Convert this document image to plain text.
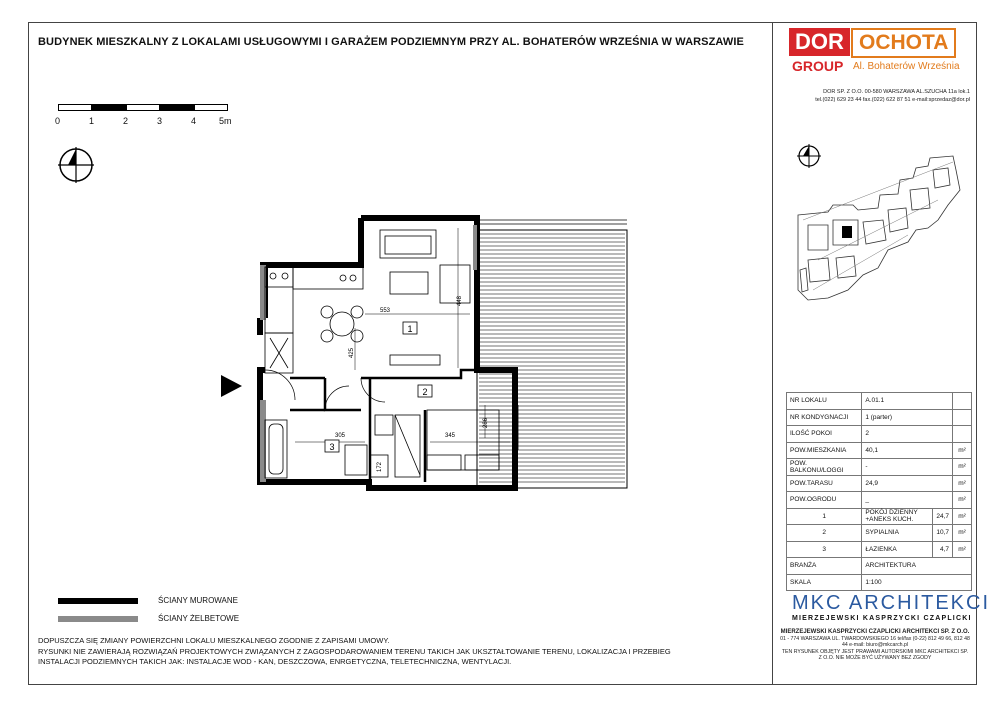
BUDYNEK MIESZKALNY Z LOKALAMI USŁUGOWYMI I GARAŻEM PODZIEMNYM PRZY AL. BOHATERÓW WRZEŚNIA W WARSZAWIE DOR OCHOTA
GROUP Al. Bohaterów Września
DOR SP. Z O.O. 00-580 WARSZAWA AL.SZUCHA 11a lok.1
tel.(022) 629 23 44 fax.(022) 622 87 51 e-mail:sprzedaz@dor.pl
0	1	2	3	4	5m
1
2
3
553
448
425
305	345
286
172
NR LOKALU	A.01.1		
NR KONDYGNACJI	1 (parter)		
ILOŚĆ POKOI	2		
POW.MIESZKANIA	40,1		m²
POW. BALKONU/LOGGI	-		m²
POW.TARASU	24,9		m²
POW.OGRODU	_		m²
1	POKÓJ DZIENNY +ANEKS KUCH.	24,7	m²
2	SYPIALNIA	10,7	m²
3	ŁAZIENKA	4,7	m²
BRANŻA	ARCHITEKTURA		
SKALA	1:100		
ŚCIANY MUROWANE
ŚCIANY ŻELBETOWE
DOPUSZCZA SIĘ ZMIANY POWIERZCHNI LOKALU MIESZKALNEGO ZGODNIE Z ZAPISAMI UMOWY.
RYSUNKI NIE ZAWIERAJĄ ROZWIĄZAŃ PROJEKTOWYCH ZWIĄZANYCH Z ZAGOSPODAROWANIEM TERENU TAKICH JAK UKSZTAŁTOWANIE TERENU, LOKALIZACJA I PRZEBIEG
INSTALACJI PODZIEMNYCH TAKICH JAK: INSTALACJE WOD - KAN, DESZCZOWA, ENRGETYCZNA, TELETECHNICZNA, WENTYLACJI.
MKC ARCHITEKCI
MIERZEJEWSKI KASPRZYCKI CZAPLICKI
MIERZEJEWSKI KASPRZYCKI CZAPLICKI ARCHITEKCI SP. Z O.O.
01 - 774 WARSZAWA UL. TWARDOWSKIEGO 16 tel/fax (0-22) 812 49 66, 812 48 44 e-mail: biuro@mkcarch.pl
TEN RYSUNEK OBJĘTY JEST PRAWAMI AUTORSKIMI MKC ARCHITEKCI SP. Z O.O. NIE MOŻE BYĆ UŻYWANY BEZ ZGODY
